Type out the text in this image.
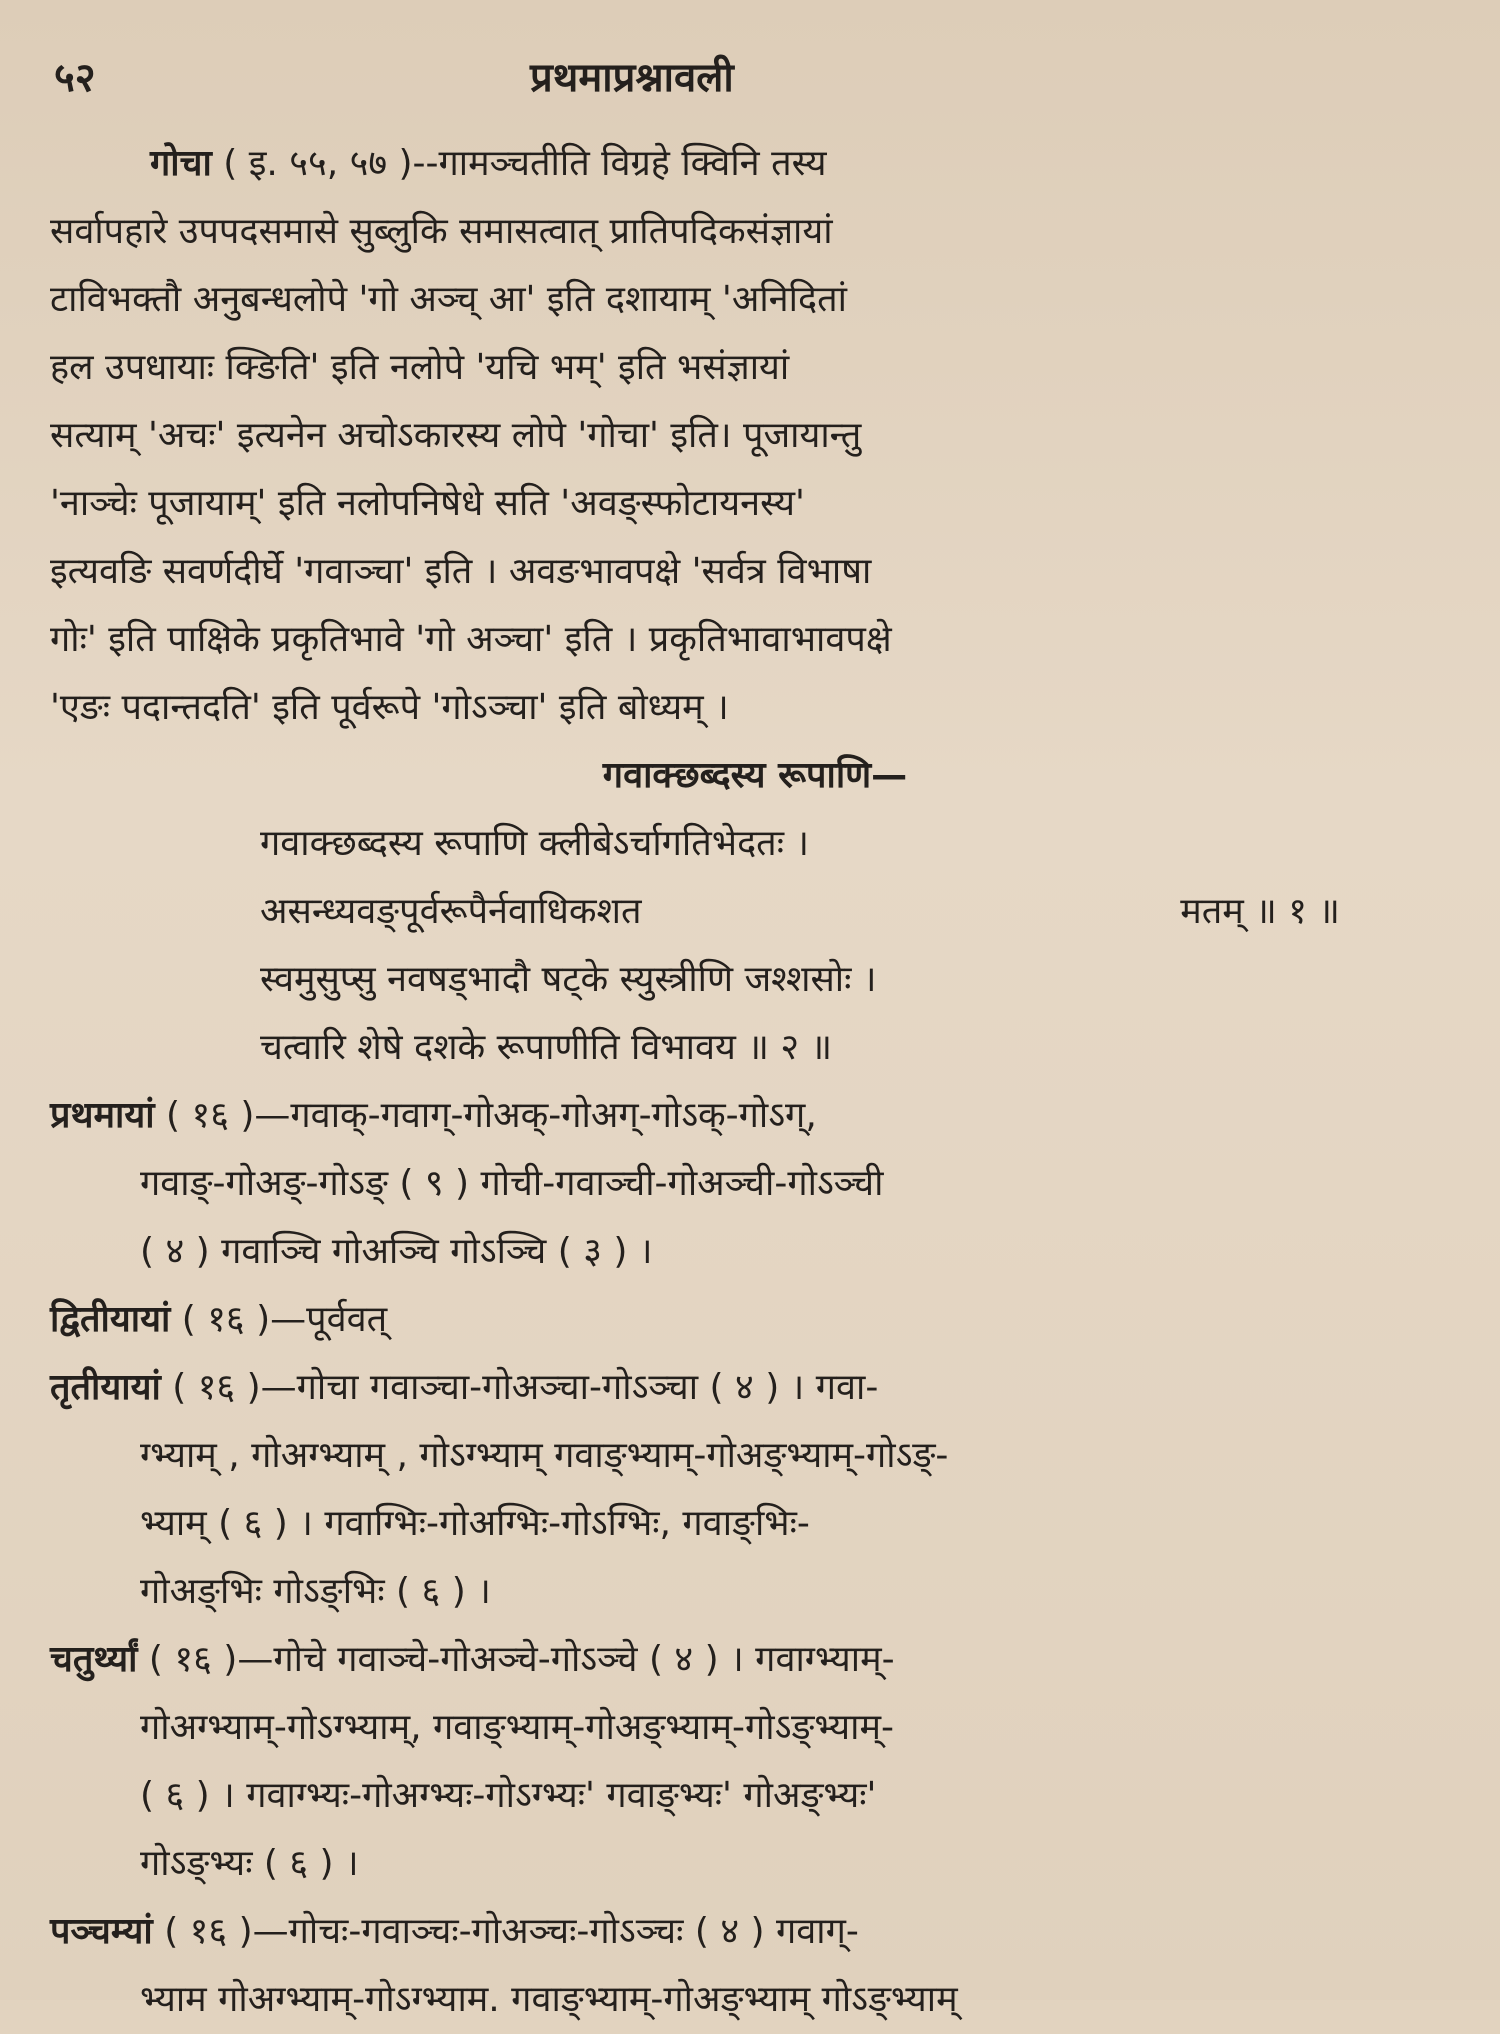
५२	प्रथमाप्रश्नावली
गोचा ( इ. ५५, ५७ )--गामञ्चतीति विग्रहे क्विनि तस्य
सर्वापहारे उपपदसमासे सुब्लुकि समासत्वात् प्रातिपदिकसंज्ञायां
टाविभक्तौ अनुबन्धलोपे 'गो अञ्च् आ' इति दशायाम् 'अनिदितां
हल उपधायाः क्ङिति' इति नलोपे 'यचि भम्' इति भसंज्ञायां
सत्याम् 'अचः' इत्यनेन अचोऽकारस्य लोपे 'गोचा' इति। पूजायान्तु
'नाञ्चेः पूजायाम्' इति नलोपनिषेधे सति 'अवङ्स्फोटायनस्य'
इत्यवङि सवर्णदीर्घे 'गवाञ्चा' इति । अवङभावपक्षे 'सर्वत्र विभाषा
गोः' इति पाक्षिके प्रकृतिभावे 'गो अञ्चा' इति । प्रकृतिभावाभावपक्षे
'एङः पदान्तदति' इति पूर्वरूपे 'गोऽञ्चा' इति बोध्यम् ।
गवाक्छब्दस्य रूपाणि—
गवाक्छब्दस्य रूपाणि क्लीबेऽर्चागतिभेदतः ।
असन्ध्यवङ्पूर्वरूपैर्नवाधिकशत	मतम् ॥ १ ॥
स्वमुसुप्सु नवषड्भादौ षट्के स्युस्त्रीणि जश्शसोः ।
चत्वारि शेषे दशके रूपाणीति विभावय ॥ २ ॥
प्रथमायां ( १६ )—गवाक्-गवाग्-गोअक्-गोअग्-गोऽक्-गोऽग्,
गवाङ्-गोअङ्-गोऽङ् ( ९ ) गोची-गवाञ्ची-गोअञ्ची-गोऽञ्ची
( ४ ) गवाञ्चि गोअञ्चि गोऽञ्चि ( ३ ) ।
द्वितीयायां ( १६ )—पूर्ववत्
तृतीयायां ( १६ )—गोचा गवाञ्चा-गोअञ्चा-गोऽञ्चा ( ४ ) । गवा-
ग्भ्याम् , गोअग्भ्याम् , गोऽग्भ्याम् गवाङ्भ्याम्-गोअङ्भ्याम्-गोऽङ्-
भ्याम् ( ६ ) । गवाग्भिः-गोअग्भिः-गोऽग्भिः, गवाङ्भिः-
गोअङ्भिः गोऽङ्भिः ( ६ ) ।
चतुर्थ्यां ( १६ )—गोचे गवाञ्चे-गोअञ्चे-गोऽञ्चे ( ४ ) । गवाग्भ्याम्-
गोअग्भ्याम्-गोऽग्भ्याम्, गवाङ्भ्याम्-गोअङ्भ्याम्-गोऽङ्भ्याम्-
( ६ ) । गवाग्भ्यः-गोअग्भ्यः-गोऽग्भ्यः' गवाङ्भ्यः' गोअङ्भ्यः'
गोऽङ्भ्यः ( ६ ) ।
पञ्चम्यां ( १६ )—गोचः-गवाञ्चः-गोअञ्चः-गोऽञ्चः ( ४ ) गवाग्-
भ्याम गोअग्भ्याम्-गोऽग्भ्याम. गवाङ्भ्याम्-गोअङ्भ्याम् गोऽङ्भ्याम्
